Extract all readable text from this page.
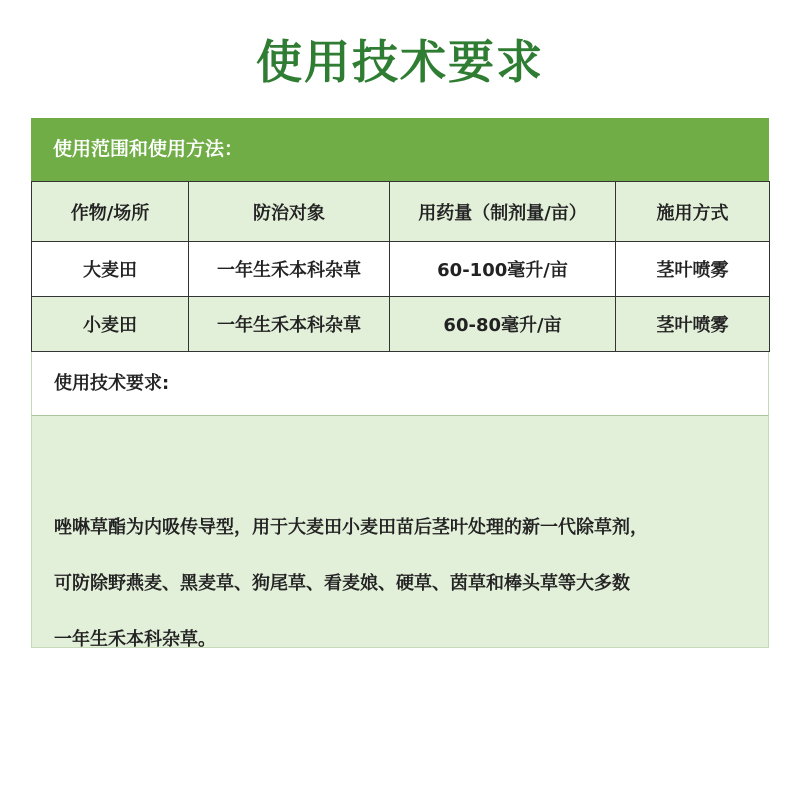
使用技术要求
使用范围和使用方法：
作物/场所	防治对象	用药量（制剂量/亩）	施用方式
大麦田	一年生禾本科杂草	60-100毫升/亩	茎叶喷雾
小麦田	一年生禾本科杂草	60-80毫升/亩	茎叶喷雾
使用技术要求:

唑啉草酯为内吸传导型，用于大麦田小麦田苗后茎叶处理的新一代除草剂，

可防除野燕麦、黑麦草、狗尾草、看麦娘、硬草、茵草和棒头草等大多数

一年生禾本科杂草。
